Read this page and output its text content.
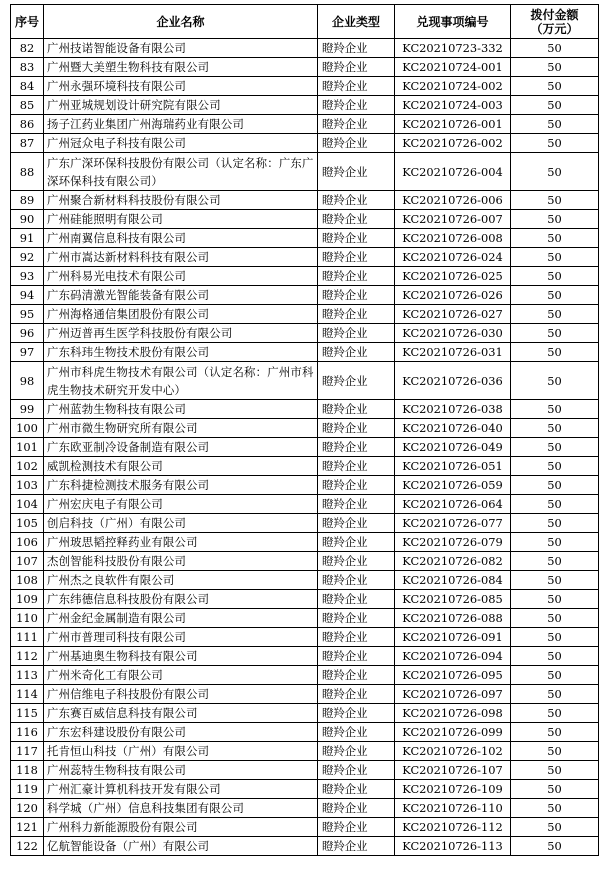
序号	企业名称	企业类型	兑现事项编号	拨付金额
（万元）
82	广州技诺智能设备有限公司	瞪羚企业	KC20210723-332	50
83	广州暨大美塑生物科技有限公司	瞪羚企业	KC20210724-001	50
84	广州永强环境科技有限公司	瞪羚企业	KC20210724-002	50
85	广州亚城规划设计研究院有限公司	瞪羚企业	KC20210724-003	50
86	扬子江药业集团广州海瑞药业有限公司	瞪羚企业	KC20210726-001	50
87	广州冠众电子科技有限公司	瞪羚企业	KC20210726-002	50
88	广东广深环保科技股份有限公司（认定名称：广东广深环保科技有限公司）	瞪羚企业	KC20210726-004	50
89	广州聚合新材料科技股份有限公司	瞪羚企业	KC20210726-006	50
90	广州硅能照明有限公司	瞪羚企业	KC20210726-007	50
91	广州南翼信息科技有限公司	瞪羚企业	KC20210726-008	50
92	广州市嵩达新材料科技有限公司	瞪羚企业	KC20210726-024	50
93	广州科易光电技术有限公司	瞪羚企业	KC20210726-025	50
94	广东码清激光智能装备有限公司	瞪羚企业	KC20210726-026	50
95	广州海格通信集团股份有限公司	瞪羚企业	KC20210726-027	50
96	广州迈普再生医学科技股份有限公司	瞪羚企业	KC20210726-030	50
97	广东科玮生物技术股份有限公司	瞪羚企业	KC20210726-031	50
98	广州市科虎生物技术有限公司（认定名称：广州市科虎生物技术研究开发中心）	瞪羚企业	KC20210726-036	50
99	广州蓝勃生物科技有限公司	瞪羚企业	KC20210726-038	50
100	广州市微生物研究所有限公司	瞪羚企业	KC20210726-040	50
101	广东欧亚制冷设备制造有限公司	瞪羚企业	KC20210726-049	50
102	威凯检测技术有限公司	瞪羚企业	KC20210726-051	50
103	广东科捷检测技术服务有限公司	瞪羚企业	KC20210726-059	50
104	广州宏庆电子有限公司	瞪羚企业	KC20210726-064	50
105	创启科技（广州）有限公司	瞪羚企业	KC20210726-077	50
106	广州玻思韬控释药业有限公司	瞪羚企业	KC20210726-079	50
107	杰创智能科技股份有限公司	瞪羚企业	KC20210726-082	50
108	广州杰之良软件有限公司	瞪羚企业	KC20210726-084	50
109	广东纬德信息科技股份有限公司	瞪羚企业	KC20210726-085	50
110	广州金纪金属制造有限公司	瞪羚企业	KC20210726-088	50
111	广州市普理司科技有限公司	瞪羚企业	KC20210726-091	50
112	广州基迪奥生物科技有限公司	瞪羚企业	KC20210726-094	50
113	广州米奇化工有限公司	瞪羚企业	KC20210726-095	50
114	广州信维电子科技股份有限公司	瞪羚企业	KC20210726-097	50
115	广东赛百威信息科技有限公司	瞪羚企业	KC20210726-098	50
116	广东宏科建设股份有限公司	瞪羚企业	KC20210726-099	50
117	托肯恒山科技（广州）有限公司	瞪羚企业	KC20210726-102	50
118	广州蕊特生物科技有限公司	瞪羚企业	KC20210726-107	50
119	广州汇豪计算机科技开发有限公司	瞪羚企业	KC20210726-109	50
120	科学城（广州）信息科技集团有限公司	瞪羚企业	KC20210726-110	50
121	广州科力新能源股份有限公司	瞪羚企业	KC20210726-112	50
122	亿航智能设备（广州）有限公司	瞪羚企业	KC20210726-113	50
